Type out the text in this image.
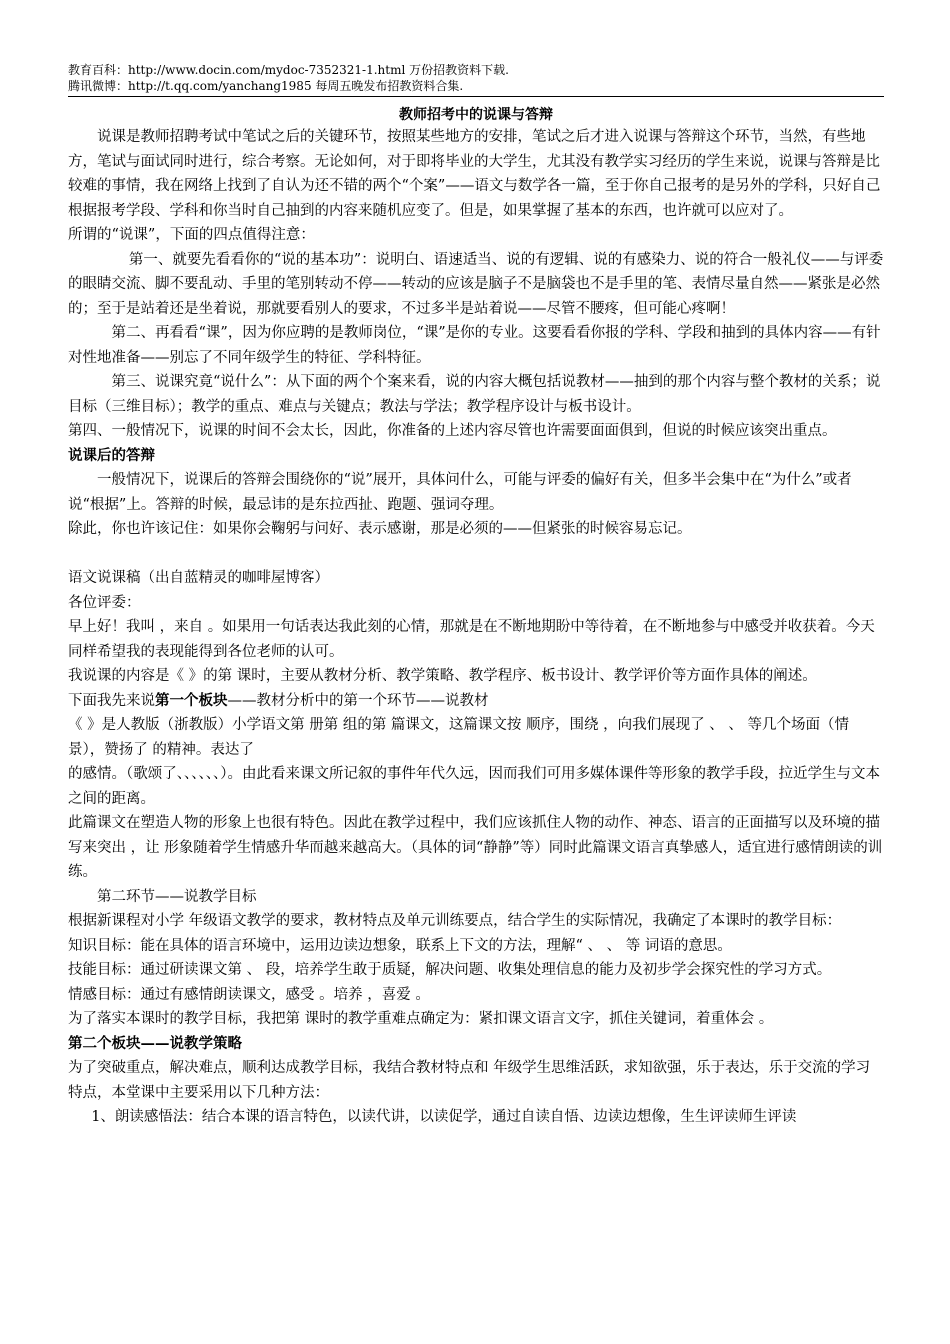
教育百科：http://www.docin.com/mydoc-7352321-1.html 万份招教资料下载.
腾讯微博：http://t.qq.com/yanchang1985 每周五晚发布招教资料合集.
教师招考中的说课与答辩

说课是教师招聘考试中笔试之后的关键环节，按照某些地方的安排，笔试之后才进入说课与答辩这个环节，当然，有些地方，笔试与面试同时进行，综合考察。无论如何，对于即将毕业的大学生，尤其没有教学实习经历的学生来说，说课与答辩是比较难的事情，我在网络上找到了自认为还不错的两个“个案”——语文与数学各一篇，至于你自己报考的是另外的学科，只好自己根据报考学段、学科和你当时自己抽到的内容来随机应变了。但是，如果掌握了基本的东西，也许就可以应对了。

所谓的“说课”，下面的四点值得注意：

第一、就要先看看你的“说的基本功”：说明白、语速适当、说的有逻辑、说的有感染力、说的符合一般礼仪——与评委的眼睛交流、脚不要乱动、手里的笔别转动不停——转动的应该是脑子不是脑袋也不是手里的笔、表情尽量自然——紧张是必然的；至于是站着还是坐着说，那就要看别人的要求，不过多半是站着说——尽管不腰疼，但可能心疼啊！

第二、再看看“课”，因为你应聘的是教师岗位，“课”是你的专业。这要看看你报的学科、学段和抽到的具体内容——有针对性地准备——别忘了不同年级学生的特征、学科特征。

第三、说课究竟“说什么”：从下面的两个个案来看，说的内容大概包括说教材——抽到的那个内容与整个教材的关系；说目标（三维目标）；教学的重点、难点与关键点；教法与学法；教学程序设计与板书设计。

第四、一般情况下，说课的时间不会太长，因此，你准备的上述内容尽管也许需要面面俱到，但说的时候应该突出重点。

说课后的答辩

一般情况下，说课后的答辩会围绕你的“说”展开，具体问什么，可能与评委的偏好有关，但多半会集中在“为什么”或者说“根据”上。答辩的时候，最忌讳的是东拉西扯、跑题、强词夺理。

除此，你也许该记住：如果你会鞠躬与问好、表示感谢，那是必须的——但紧张的时候容易忘记。

语文说课稿（出自蓝精灵的咖啡屋博客）

各位评委：

早上好！我叫 ，来自 。如果用一句话表达我此刻的心情，那就是在不断地期盼中等待着，在不断地参与中感受并收获着。今天同样希望我的表现能得到各位老师的认可。

我说课的内容是《 》的第 课时，主要从教材分析、教学策略、教学程序、板书设计、教学评价等方面作具体的阐述。

下面我先来说第一个板块——教材分析中的第一个环节——说教材

《 》是人教版（浙教版）小学语文第 册第 组的第 篇课文，这篇课文按 顺序，围绕 ，向我们展现了 、 、 等几个场面（情景），赞扬了 的精神。表达了

的感情。（歌颂了、、、、、、）。由此看来课文所记叙的事件年代久远，因而我们可用多媒体课件等形象的教学手段，拉近学生与文本之间的距离。

此篇课文在塑造人物的形象上也很有特色。因此在教学过程中，我们应该抓住人物的动作、神态、语言的正面描写以及环境的描写来突出 ，让 形象随着学生情感升华而越来越高大。（具体的词“静静”等）同时此篇课文语言真挚感人，适宜进行感情朗读的训练。

第二环节——说教学目标

根据新课程对小学 年级语文教学的要求，教材特点及单元训练要点，结合学生的实际情况，我确定了本课时的教学目标：

知识目标：能在具体的语言环境中，运用边读边想象，联系上下文的方法，理解“ 、 、 等 词语的意思。

技能目标：通过研读课文第 、 段，培养学生敢于质疑，解决问题、收集处理信息的能力及初步学会探究性的学习方式。

情感目标：通过有感情朗读课文，感受 。培养 ，喜爱 。

为了落实本课时的教学目标，我把第 课时的教学重难点确定为：紧扣课文语言文字，抓住关键词，着重体会 。

第二个板块——说教学策略

为了突破重点，解决难点，顺利达成教学目标，我结合教材特点和 年级学生思维活跃，求知欲强，乐于表达，乐于交流的学习特点，本堂课中主要采用以下几种方法：

1、朗读感悟法：结合本课的语言特色，以读代讲，以读促学，通过自读自悟、边读边想像，生生评读师生评读
